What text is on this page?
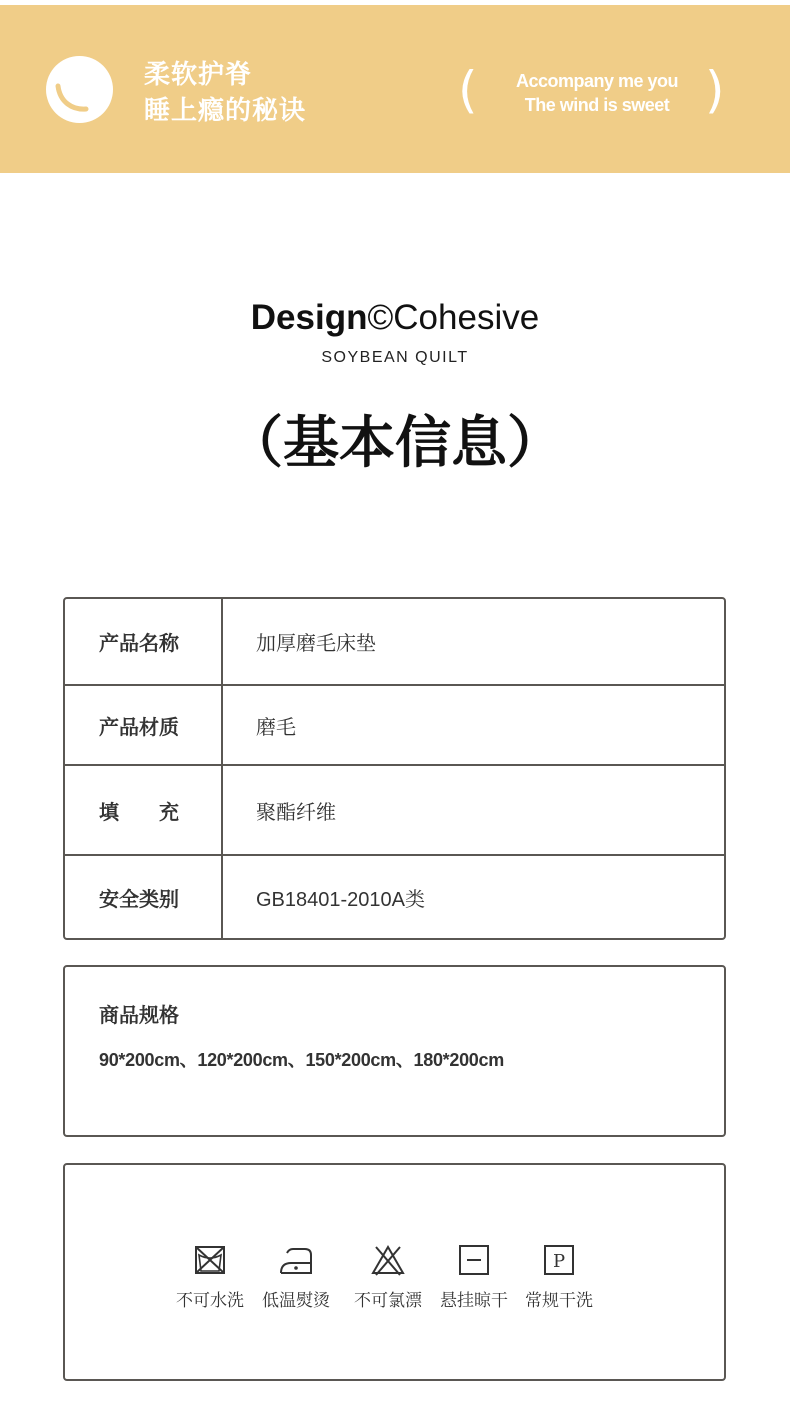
柔软护脊
睡上瘾的秘诀	(	Accompany me you
The wind is sweet )
Design©Cohesive
SOYBEAN QUILT
（基本信息）
产品名称	加厚磨毛床垫
产品材质	磨毛
填　　充	聚酯纤维
安全类别	GB18401-2010A类
商品规格
90*200cm、120*200cm、150*200cm、180*200cm
不可水洗	低温熨烫	不可氯漂	悬挂晾干
P
常规干洗
